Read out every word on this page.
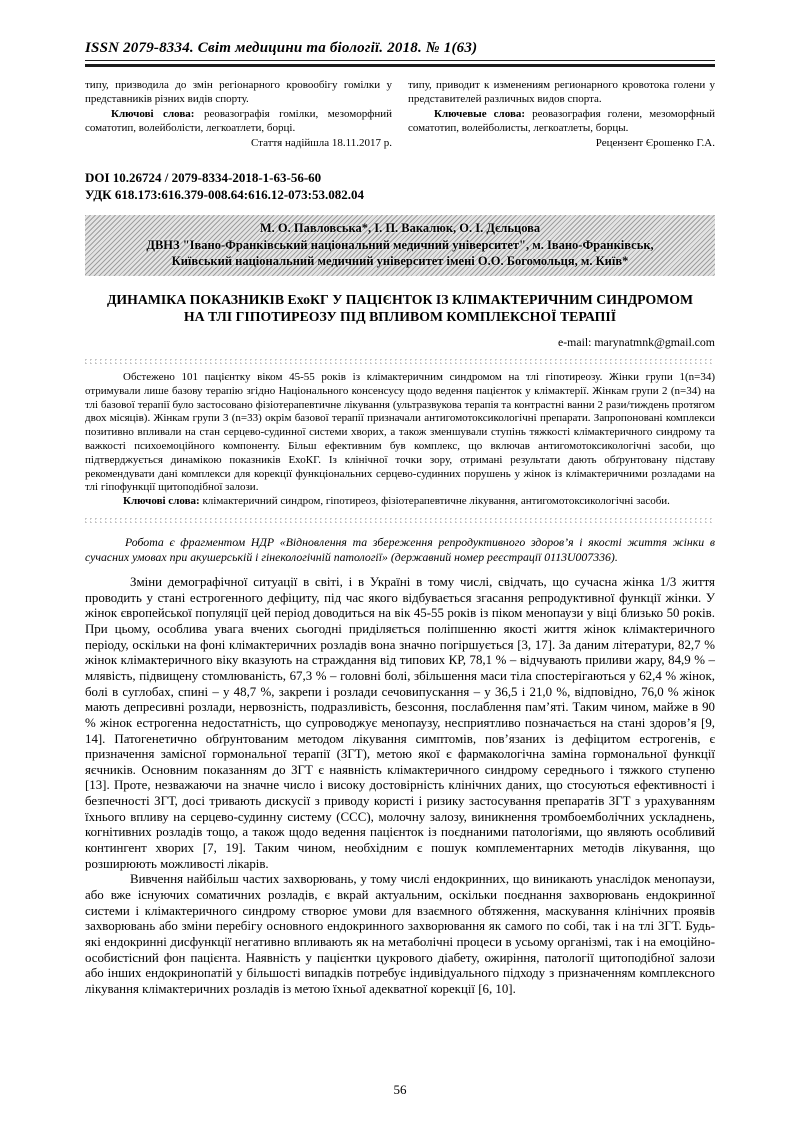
ISSN 2079-8334. Світ медицини та біології. 2018. № 1(63)

типу, призводила до змін регіонарного кровообігу гомілки у представників різних видів спорту.

Ключові слова: реовазографія гомілки, мезоморфний соматотип, волейболісти, легкоатлети, борці.

Стаття надійшла 18.11.2017 р.

типу, приводит к изменениям регионарного кровотока голени у представителей различных видов спорта.

Ключевые слова: реовазография голени, мезоморфный соматотип, волейболисты, легкоатлеты, борцы.

Рецензент Єрошенко Г.А.

DOI 10.26724 / 2079-8334-2018-1-63-56-60
УДК 618.173:616.379-008.64:616.12-073:53.082.04
М. О. Павловська*, І. П. Вакалюк, О. І. Дєльцова
ДВНЗ "Івано-Франківський національний медичний університет", м. Івано-Франківськ,
Київський національний медичний університет імені О.О. Богомольця, м. Київ*
ДИНАМІКА ПОКАЗНИКІВ ЕхоКГ У ПАЦІЄНТОК ІЗ КЛІМАКТЕРИЧНИМ СИНДРОМОМ НА ТЛІ ГІПОТИРЕОЗУ ПІД ВПЛИВОМ КОМПЛЕКСНОЇ ТЕРАПІЇ
e-mail: marynatmnk@gmail.com

Обстежено 101 пацієнтку віком 45-55 років із клімактеричним синдромом на тлі гіпотиреозу. Жінки групи 1(n=34) отримували лише базову терапію згідно Національного консенсусу щодо ведення пацієнток у клімактерії. Жінкам групи 2 (n=34) на тлі базової терапії було застосовано фізіотерапевтичне лікування (ультразвукова терапія та контрастні ванни 2 рази/тиждень протягом двох місяців). Жінкам групи 3 (n=33) окрім базової терапії призначали антигомотоксикологічні препарати. Запропоновані комплекси позитивно впливали на стан серцево-судинної системи хворих, а також зменшували ступінь тяжкості клімактеричного синдрому та важкості психоемоційного компоненту. Більш ефективним був комплекс, що включав антигомотоксикологічні засоби, що підтверджується динамікою показників ЕхоКГ. Із клінічної точки зору, отримані результати дають обґрунтовану підставу рекомендувати дані комплекси для корекції функціональних серцево-судинних порушень у жінок із клімактеричними розладами на тлі гіпофункції щитоподібної залози.

Ключові слова: клімактеричний синдром, гіпотиреоз, фізіотерапевтичне лікування, антигомотоксикологічні засоби.

Робота є фрагментом НДР «Відновлення та збереження репродуктивного здоров’я і якості життя жінки в сучасних умовах при акушерській і гінекологічній патології» (державний номер реєстрації 0113U007336).

Зміни демографічної ситуації в світі, і в Україні в тому числі, свідчать, що сучасна жінка 1/3 життя проводить у стані естрогенного дефіциту, під час якого відбувається згасання репродуктивної функції жінки. У жінок європейської популяції цей період доводиться на вік 45-55 років із піком менопаузи у віці близько 50 років. При цьому, особлива увага вчених сьогодні приділяється поліпшенню якості життя жінок клімактеричного періоду, оскільки на фоні клімактеричних розладів вона значно погіршується [3, 17]. За даним літератури, 82,7 % жінок клімактеричного віку вказують на страждання від типових КР, 78,1 % – відчувають приливи жару, 84,9 % – млявість, підвищену стомлюваність, 67,3 % – головні болі, збільшення маси тіла спостерігаються у 62,4 % жінок, болі в суглобах, спині – у 48,7 %, закрепи і розлади сечовипускання – у 36,5 і 21,0 %, відповідно, 76,0 % жінок мають депресивні розлади, нервозність, подразливість, безсоння, послаблення пам’яті. Таким чином, майже в 90 % жінок естрогенна недостатність, що супроводжує менопаузу, несприятливо позначається на стані здоров’я [9, 14]. Патогенетично обґрунтованим методом лікування симптомів, пов’язаних із дефіцитом естрогенів, є призначення замісної гормональної терапії (ЗГТ), метою якої є фармакологічна заміна гормональної функції яєчників. Основним показанням до ЗГТ є наявність клімактеричного синдрому середнього і тяжкого ступеню [13]. Проте, незважаючи на значне число і високу достовірність клінічних даних, що стосуються ефективності і безпечності ЗГТ, досі тривають дискусії з приводу користі і ризику застосування препаратів ЗГТ з урахуванням їхнього впливу на серцево-судинну систему (ССС), молочну залозу, виникнення тромбоемболічних ускладнень, когнітивних розладів тощо, а також щодо ведення пацієнток із поєднаними патологіями, що являють особливий контингент хворих [7, 19]. Таким чином, необхідним є пошук комплементарних методів лікування, що розширюють можливості лікарів.

Вивчення найбільш частих захворювань, у тому числі ендокринних, що виникають унаслідок менопаузи, або вже існуючих соматичних розладів, є вкрай актуальним, оскільки поєднання захворювань ендокринної системи і клімактеричного синдрому створює умови для взаємного обтяження, маскування клінічних проявів захворювань або зміни перебігу основного ендокринного захворювання як самого по собі, так і на тлі ЗГТ. Будь-які ендокринні дисфункції негативно впливають як на метаболічні процеси в усьому організмі, так і на емоційно-особистісний фон пацієнта. Наявність у пацієнтки цукрового діабету, ожиріння, патології щитоподібної залози або інших ендокринопатій у більшості випадків потребує індивідуального підходу з призначенням комплексного лікування клімактеричних розладів із метою їхньої адекватної корекції [6, 10].

56
